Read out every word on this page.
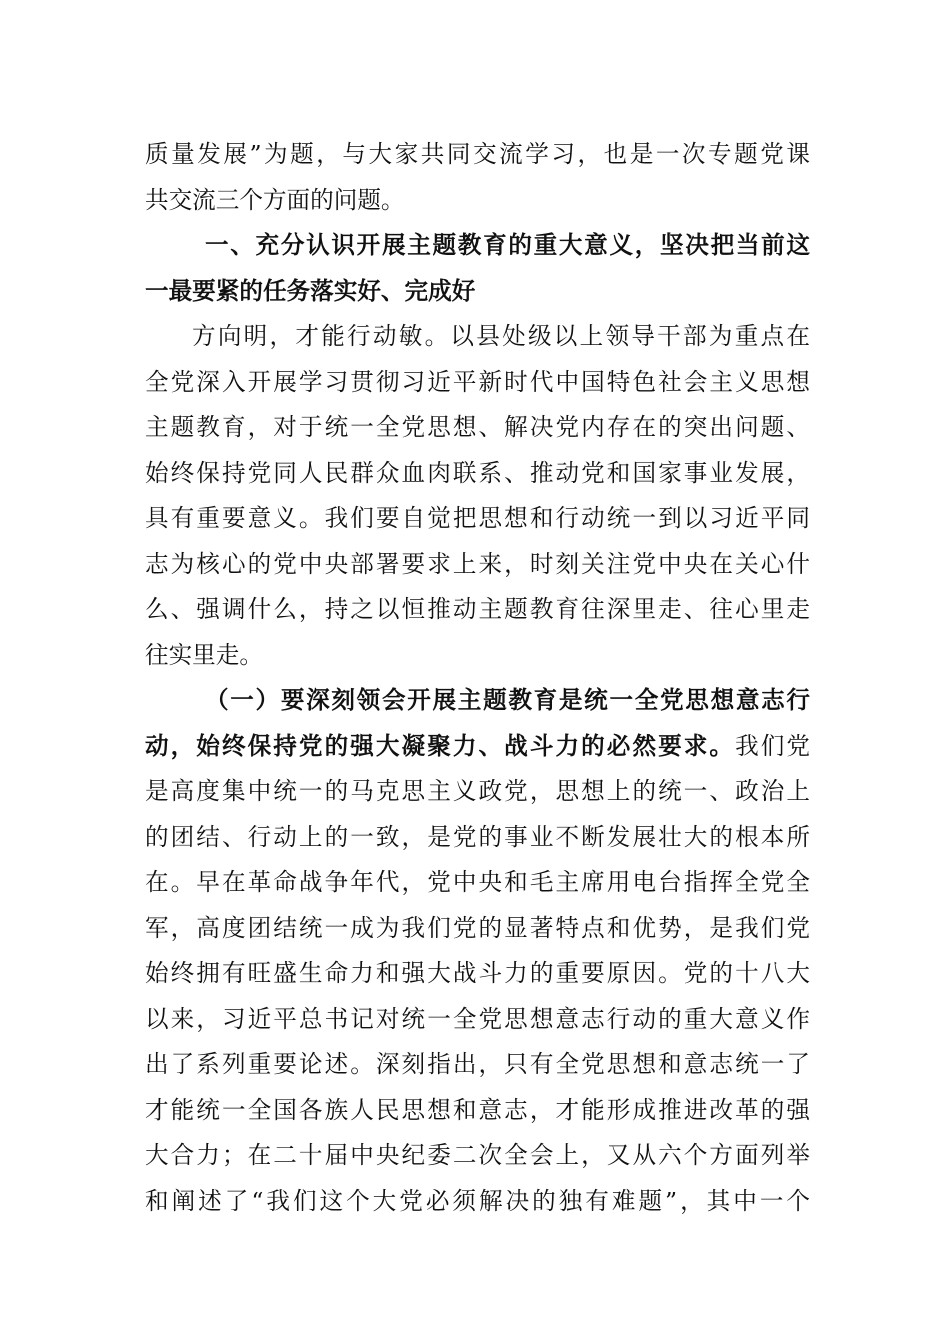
质量发展”为题，与大家共同交流学习，也是一次专题党课
共交流三个方面的问题。
一、充分认识开展主题教育的重大意义，坚决把当前这
一最要紧的任务落实好、完成好
方向明，才能行动敏。以县处级以上领导干部为重点在
全党深入开展学习贯彻习近平新时代中国特色社会主义思想
主题教育，对于统一全党思想、解决党内存在的突出问题、
始终保持党同人民群众血肉联系、推动党和国家事业发展，
具有重要意义。我们要自觉把思想和行动统一到以习近平同
志为核心的党中央部署要求上来，时刻关注党中央在关心什
么、强调什么，持之以恒推动主题教育往深里走、往心里走
往实里走。
（一）要深刻领会开展主题教育是统一全党思想意志行
动，始终保持党的强大凝聚力、战斗力的必然要求。我们党
是高度集中统一的马克思主义政党，思想上的统一、政治上
的团结、行动上的一致，是党的事业不断发展壮大的根本所
在。早在革命战争年代，党中央和毛主席用电台指挥全党全
军，高度团结统一成为我们党的显著特点和优势，是我们党
始终拥有旺盛生命力和强大战斗力的重要原因。党的十八大
以来，习近平总书记对统一全党思想意志行动的重大意义作
出了系列重要论述。深刻指出，只有全党思想和意志统一了
才能统一全国各族人民思想和意志，才能形成推进改革的强
大合力；在二十届中央纪委二次全会上，又从六个方面列举
和阐述了“我们这个大党必须解决的独有难题”，其中一个
